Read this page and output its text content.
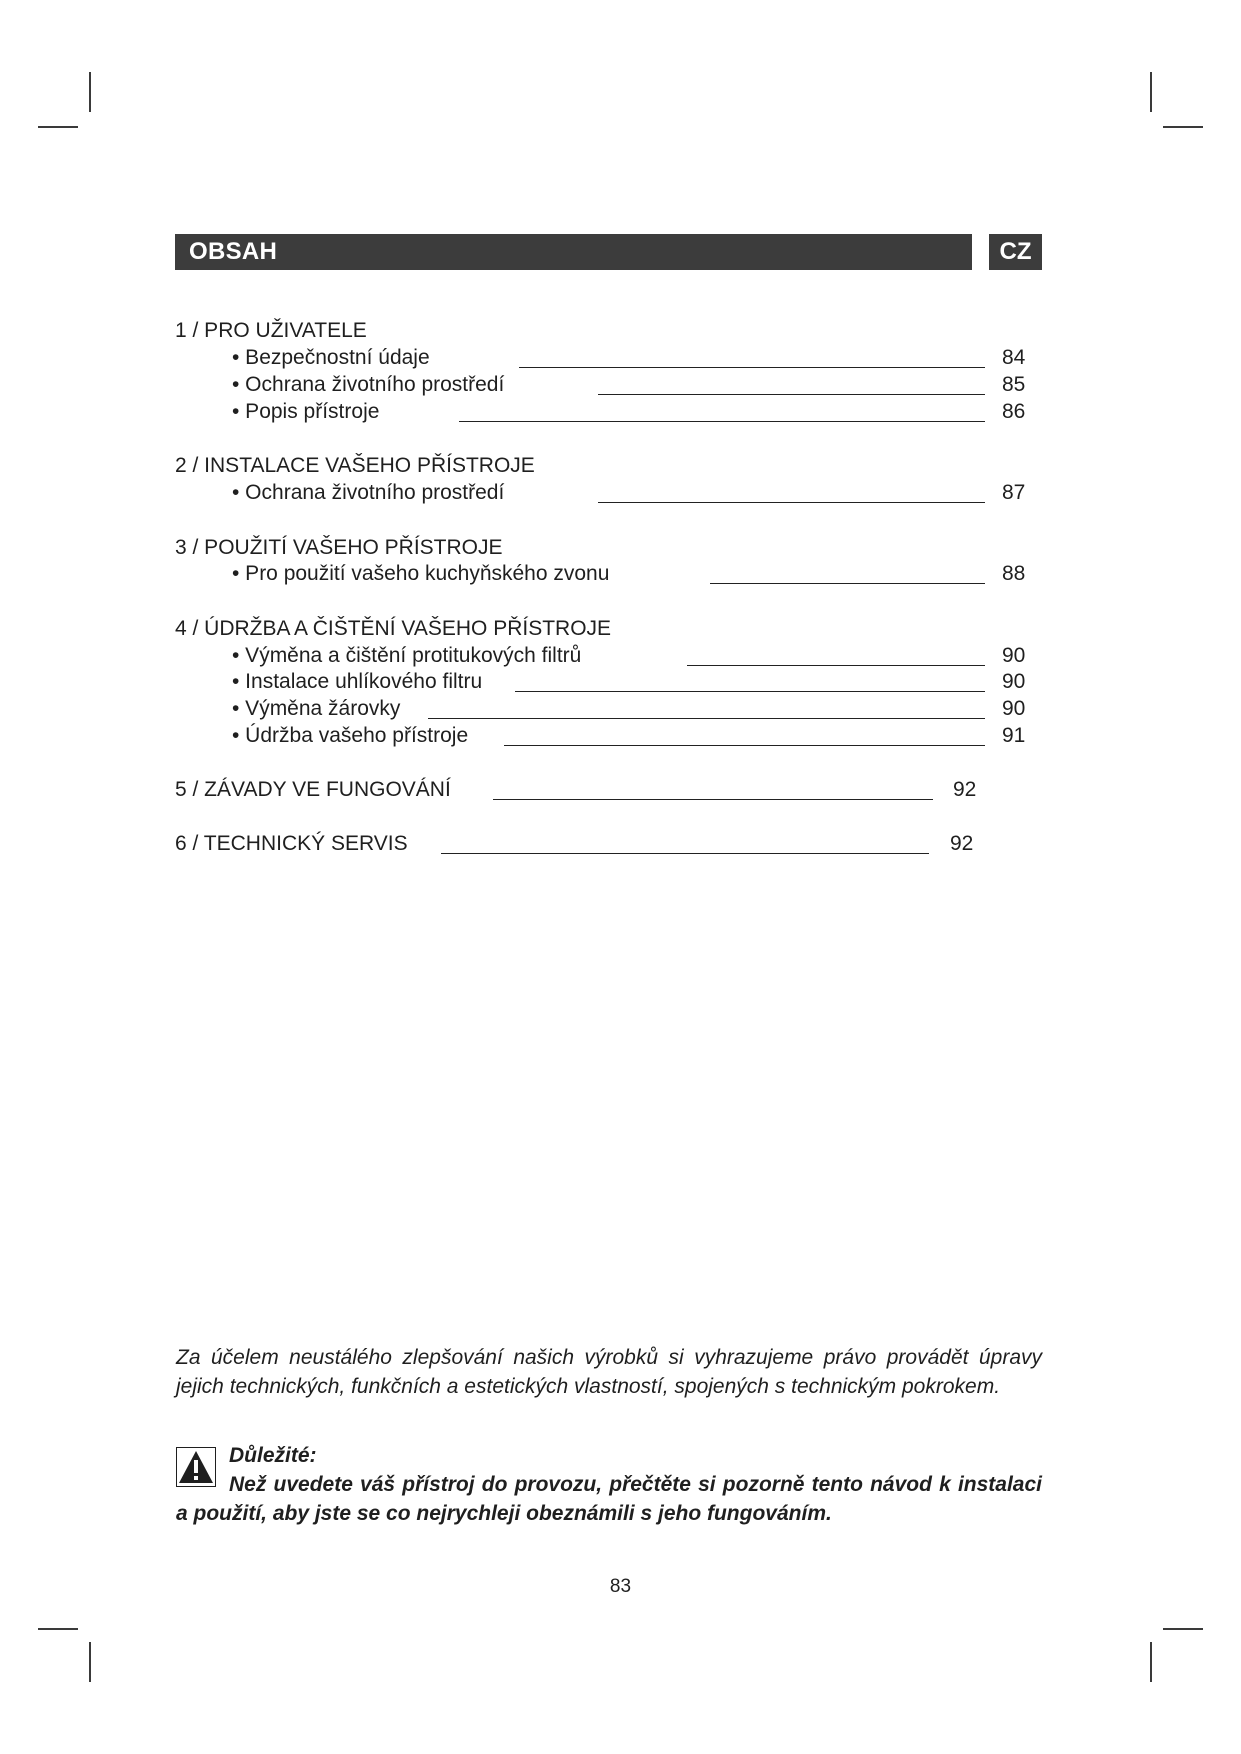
OBSAH	CZ
1 / PRO UŽIVATELE
• Bezpečnostní údaje	84
• Ochrana životního prostředí	85
• Popis přístroje	86
2 / INSTALACE VAŠEHO PŘÍSTROJE
• Ochrana životního prostředí	87
3 / POUŽITÍ VAŠEHO PŘÍSTROJE
• Pro použití vašeho kuchyňského zvonu	88
4 / ÚDRŽBA A ČIŠTĚNÍ VAŠEHO PŘÍSTROJE
• Výměna a čištění protitukových filtrů	90
• Instalace uhlíkového filtru	90
• Výměna žárovky	90
• Údržba vašeho přístroje	91
5 / ZÁVADY VE FUNGOVÁNÍ	92
6 / TECHNICKÝ SERVIS	92
Za účelem neustálého zlepšování našich výrobků si vyhrazujeme právo provádět úpravy jejich technických, funkčních a estetických vlastností, spojených s technickým pokrokem.
Důležité:
Než uvedete váš přístroj do provozu, přečtěte si pozorně tento návod k instalaci a použití, aby jste se co nejrychleji obeznámili s jeho fungováním.
83
